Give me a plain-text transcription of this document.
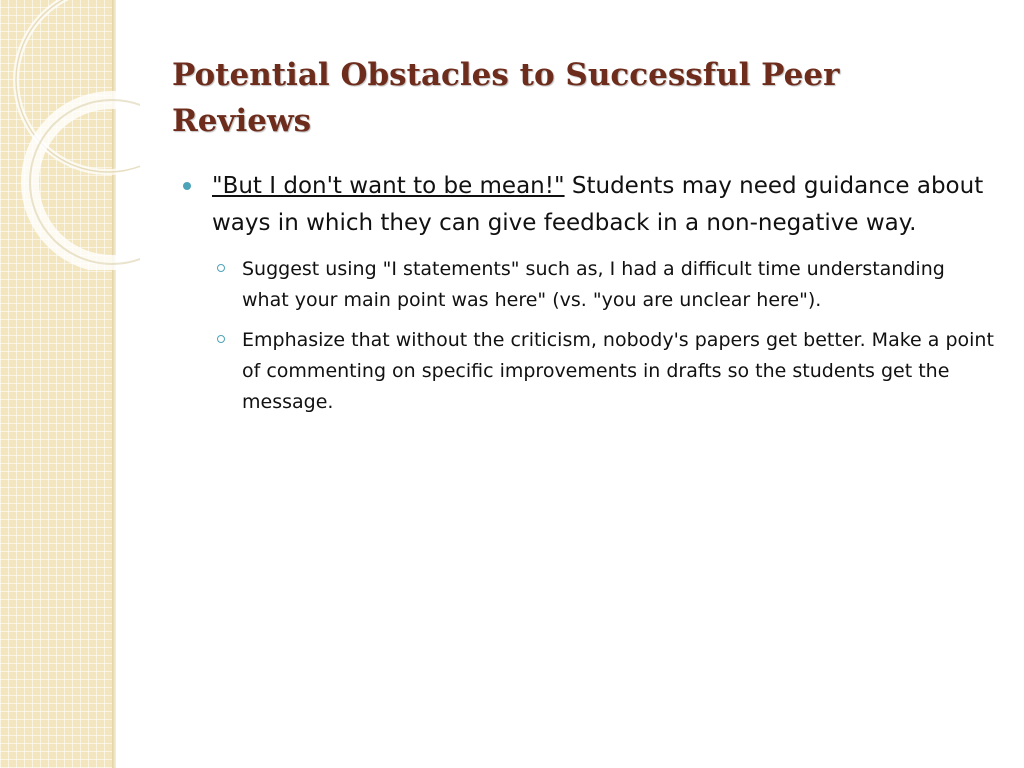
Potential Obstacles to Successful Peer Reviews
"But I don't want to be mean!" Students may need guidance about ways in which they can give feedback in a non-negative way.
Suggest using "I statements" such as, I had a difficult time understanding what your main point was here" (vs. "you are unclear here").
Emphasize that without the criticism, nobody's papers get better. Make a point of commenting on specific improvements in drafts so the students get the message.
